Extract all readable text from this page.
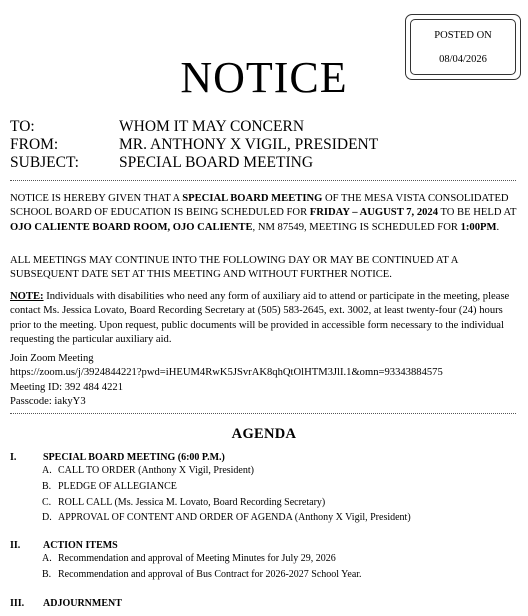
POSTED ON
08/04/2026
NOTICE
TO:	WHOM IT MAY CONCERN
FROM:	MR. ANTHONY X VIGIL, PRESIDENT
SUBJECT:	SPECIAL BOARD MEETING

NOTICE IS HEREBY GIVEN THAT A SPECIAL BOARD MEETING OF THE MESA VISTA CONSOLIDATED SCHOOL BOARD OF EDUCATION IS BEING SCHEDULED FOR FRIDAY – AUGUST 7, 2024 TO BE HELD AT OJO CALIENTE BOARD ROOM, OJO CALIENTE, NM 87549, MEETING IS SCHEDULED FOR 1:00PM.

ALL MEETINGS MAY CONTINUE INTO THE FOLLOWING DAY OR MAY BE CONTINUED AT A SUBSEQUENT DATE SET AT THIS MEETING AND WITHOUT FURTHER NOTICE.

NOTE: Individuals with disabilities who need any form of auxiliary aid to attend or participate in the meeting, please contact Ms. Jessica Lovato, Board Recording Secretary at (505) 583-2645, ext. 3002, at least twenty-four (24) hours prior to the meeting. Upon request, public documents will be provided in accessible form necessary to the individual requesting the particular auxiliary aid.

Join Zoom Meeting

https://zoom.us/j/3924844221?pwd=iHEUM4RwK5JSvrAK8qhQtOlHTM3JlI.1&omn=93343884575

Meeting ID: 392 484 4221

Passcode: iakyY3

AGENDA
I.	SPECIAL BOARD MEETING (6:00 P.M.)
A. CALL TO ORDER (Anthony X Vigil, President)
B. PLEDGE OF ALLEGIANCE
C. ROLL CALL (Ms. Jessica M. Lovato, Board Recording Secretary)
D. APPROVAL OF CONTENT AND ORDER OF AGENDA (Anthony X Vigil, President)
II. ACTION ITEMS
A. Recommendation and approval of Meeting Minutes for July 29, 2026
B. Recommendation and approval of Bus Contract for 2026-2027 School Year.
III. ADJOURNMENT
